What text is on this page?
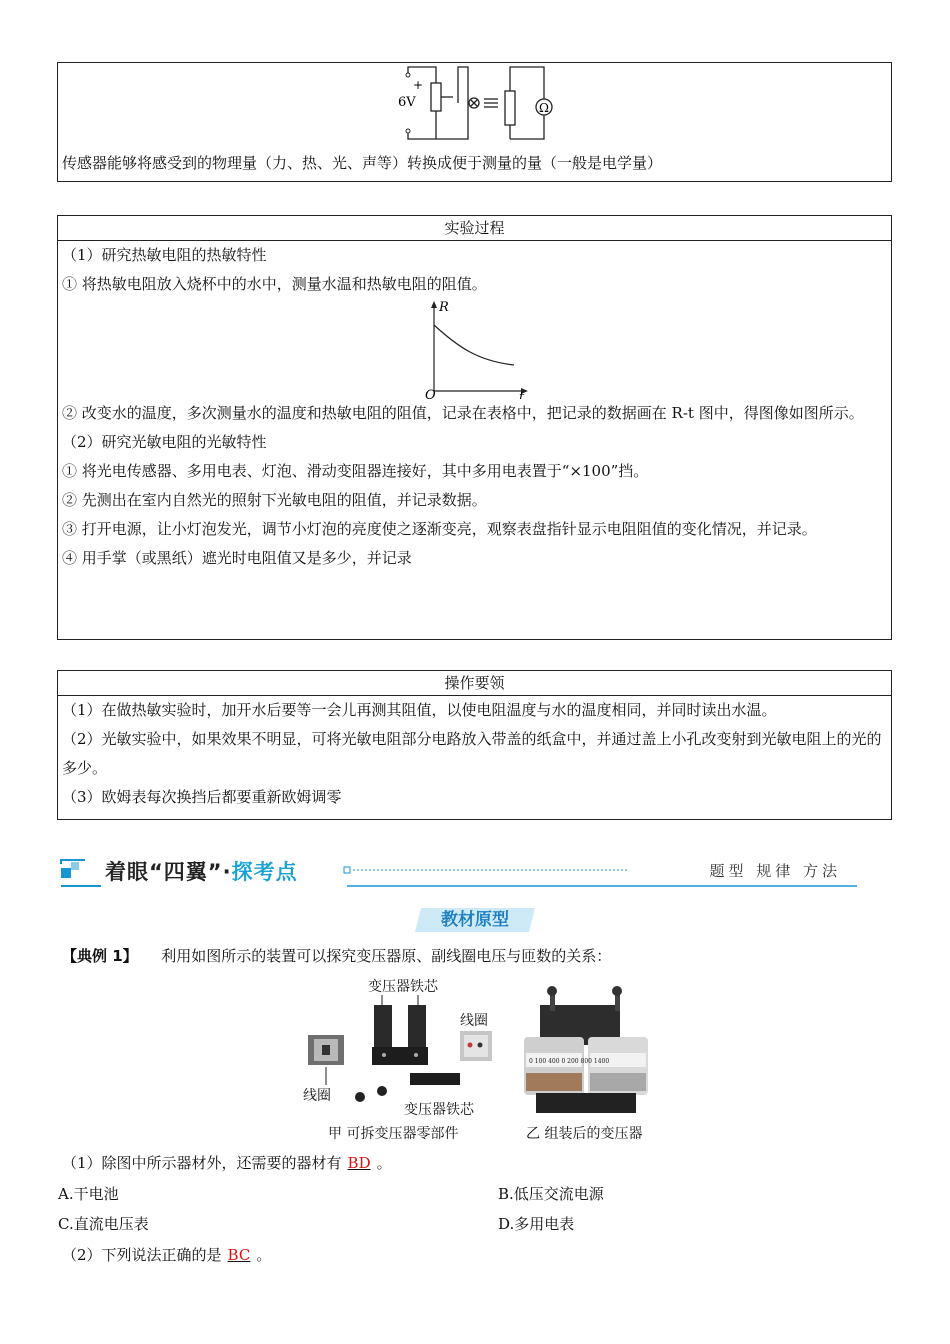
+
6V	Ω
传感器能够将感受到的物理量（力、热、光、声等）转换成便于测量的量（一般是电学量）
实验过程
（1）研究热敏电阻的热敏特性
① 将热敏电阻放入烧杯中的水中，测量水温和热敏电阻的阻值。
R
O	t
② 改变水的温度，多次测量水的温度和热敏电阻的阻值，记录在表格中，把记录的数据画在 R-t 图中，得图像如图所示。
（2）研究光敏电阻的光敏特性
① 将光电传感器、多用电表、灯泡、滑动变阻器连接好，其中多用电表置于“×100”挡。
② 先测出在室内自然光的照射下光敏电阻的阻值，并记录数据。
③ 打开电源，让小灯泡发光，调节小灯泡的亮度使之逐渐变亮，观察表盘指针显示电阻阻值的变化情况，并记录。
④ 用手掌（或黑纸）遮光时电阻值又是多少，并记录
操作要领
（1）在做热敏实验时，加开水后要等一会儿再测其阻值，以使电阻温度与水的温度相同，并同时读出水温。
（2）光敏实验中，如果效果不明显，可将光敏电阻部分电路放入带盖的纸盒中，并通过盖上小孔改变射到光敏电阻上的光的多少。
（3）欧姆表每次换挡后都要重新欧姆调零
着眼“四翼”·探考点	题型 规律 方法
教材原型
【典例 1】 利用如图所示的装置可以探究变压器原、副线圈电压与匝数的关系：
0 100 400 0 200 800 1400
变压器铁芯
线圈
线圈
变压器铁芯
甲 可拆变压器零部件	乙 组装后的变压器
（1）除图中所示器材外，还需要的器材有 BD 。
A.干电池	B.低压交流电源
C.直流电压表	D.多用电表
（2）下列说法正确的是 BC 。
